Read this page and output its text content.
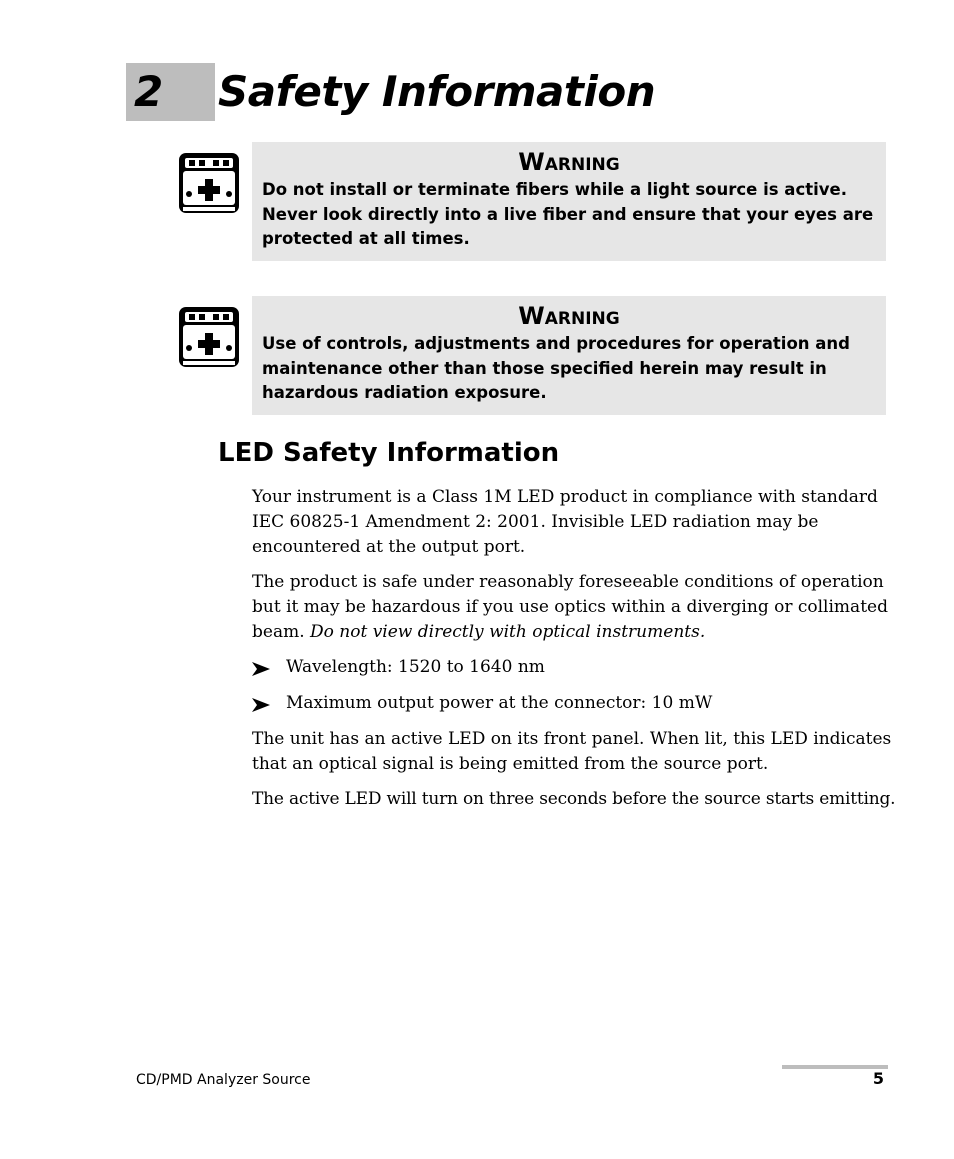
2 Safety Information
Warning
Do not install or terminate fibers while a light source is active. Never look directly into a live fiber and ensure that your eyes are protected at all times.
Warning
Use of controls, adjustments and procedures for operation and maintenance other than those specified herein may result in hazardous radiation exposure.
LED Safety Information

Your instrument is a Class 1M LED product in compliance with standard IEC 60825-1 Amendment 2: 2001. Invisible LED radiation may be encountered at the output port.

The product is safe under reasonably foreseeable conditions of operation but it may be hazardous if you use optics within a diverging or collimated beam. Do not view directly with optical instruments.

Wavelength: 1520 to 1640 nm
Maximum output power at the connector: 10 mW

The unit has an active LED on its front panel. When lit, this LED indicates that an optical signal is being emitted from the source port.

The active LED will turn on three seconds before the source starts emitting.

CD/PMD Analyzer Source	5
